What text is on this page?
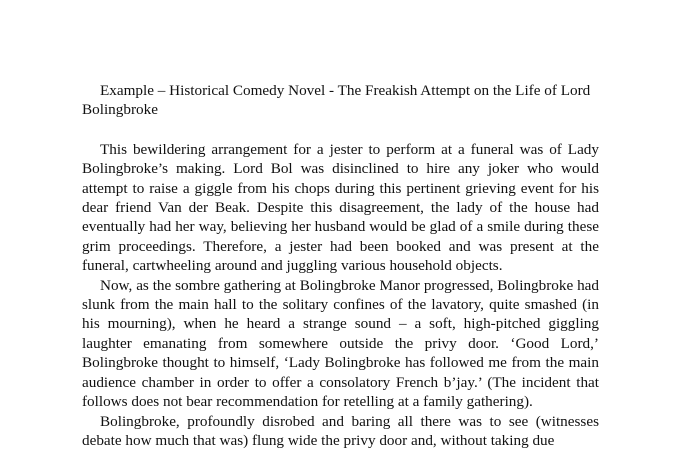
Example – Historical Comedy Novel - The Freakish Attempt on the Life of Lord Bolingbroke

This bewildering arrangement for a jester to perform at a funeral was of Lady Bolingbroke’s making. Lord Bol was disinclined to hire any joker who would attempt to raise a giggle from his chops during this pertinent grieving event for his dear friend Van der Beak. Despite this disagreement, the lady of the house had eventually had her way, believing her husband would be glad of a smile during these grim proceedings. Therefore, a jester had been booked and was present at the funeral, cartwheeling around and juggling various household objects.

Now, as the sombre gathering at Bolingbroke Manor progressed, Bolingbroke had slunk from the main hall to the solitary confines of the lavatory, quite smashed (in his mourning), when he heard a strange sound – a soft, high-pitched giggling laughter emanating from somewhere outside the privy door. ‘Good Lord,’ Bolingbroke thought to himself, ‘Lady Bolingbroke has followed me from the main audience chamber in order to offer a consolatory French b’jay.’ (The incident that follows does not bear recommendation for retelling at a family gathering).

Bolingbroke, profoundly disrobed and baring all there was to see (witnesses debate how much that was) flung wide the privy door and, without taking due
